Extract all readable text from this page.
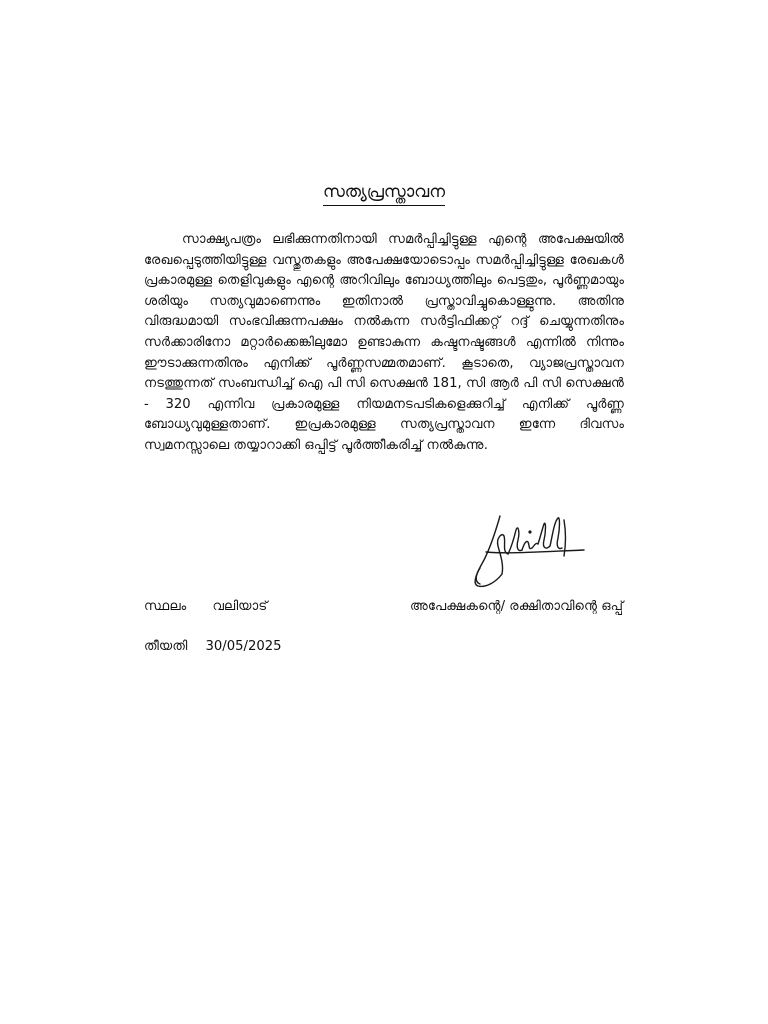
സത്യപ്രസ്താവന

സാക്ഷ്യപത്രം ലഭിക്കുന്നതിനായി സമർപ്പിച്ചിട്ടുള്ള എന്റെ അപേക്ഷയിൽ രേഖപ്പെടുത്തിയിട്ടുള്ള വസ്തുതകളും അപേക്ഷയോടൊപ്പം സമർപ്പിച്ചിട്ടുള്ള രേഖകൾ പ്രകാരമുള്ള തെളിവുകളും എന്റെ അറിവിലും ബോധ്യത്തിലും പെട്ടതും, പൂർണ്ണമായും ശരിയും സത്യവുമാണെന്നും ഇതിനാൽ പ്രസ്താവിച്ചുകൊള്ളുന്നു. അതിനു വിരുദ്ധമായി സംഭവിക്കുന്നപക്ഷം നൽകുന്ന സർട്ടിഫിക്കറ്റ് റദ്ദ് ചെയ്യുന്നതിനും സർക്കാരിനോ മറ്റാർക്കെങ്കിലുമോ ഉണ്ടാകുന്ന കഷ്ടനഷ്ടങ്ങൾ എന്നിൽ നിന്നും ഈടാക്കുന്നതിനും എനിക്ക് പൂർണ്ണസമ്മതമാണ്. കൂടാതെ, വ്യാജപ്രസ്താവന നടത്തുന്നത് സംബന്ധിച്ച് ഐ പി സി സെക്ഷൻ 181, സി ആർ പി സി സെക്ഷൻ - 320 എന്നിവ പ്രകാരമുള്ള നിയമനടപടികളെക്കുറിച്ച് എനിക്ക് പൂർണ്ണ ബോധ്യവുമുള്ളതാണ്. ഇപ്രകാരമുള്ള സത്യപ്രസ്താവന ഇന്നേ ദിവസം സ്വമനസ്സാലെ തയ്യാറാക്കി ഒപ്പിട്ട് പൂർത്തീകരിച്ച് നൽകുന്നു.

സ്ഥലം വലിയാട്	അപേക്ഷകന്റെ/ രക്ഷിതാവിന്റെ ഒപ്പ്
തീയതി 30/05/2025
